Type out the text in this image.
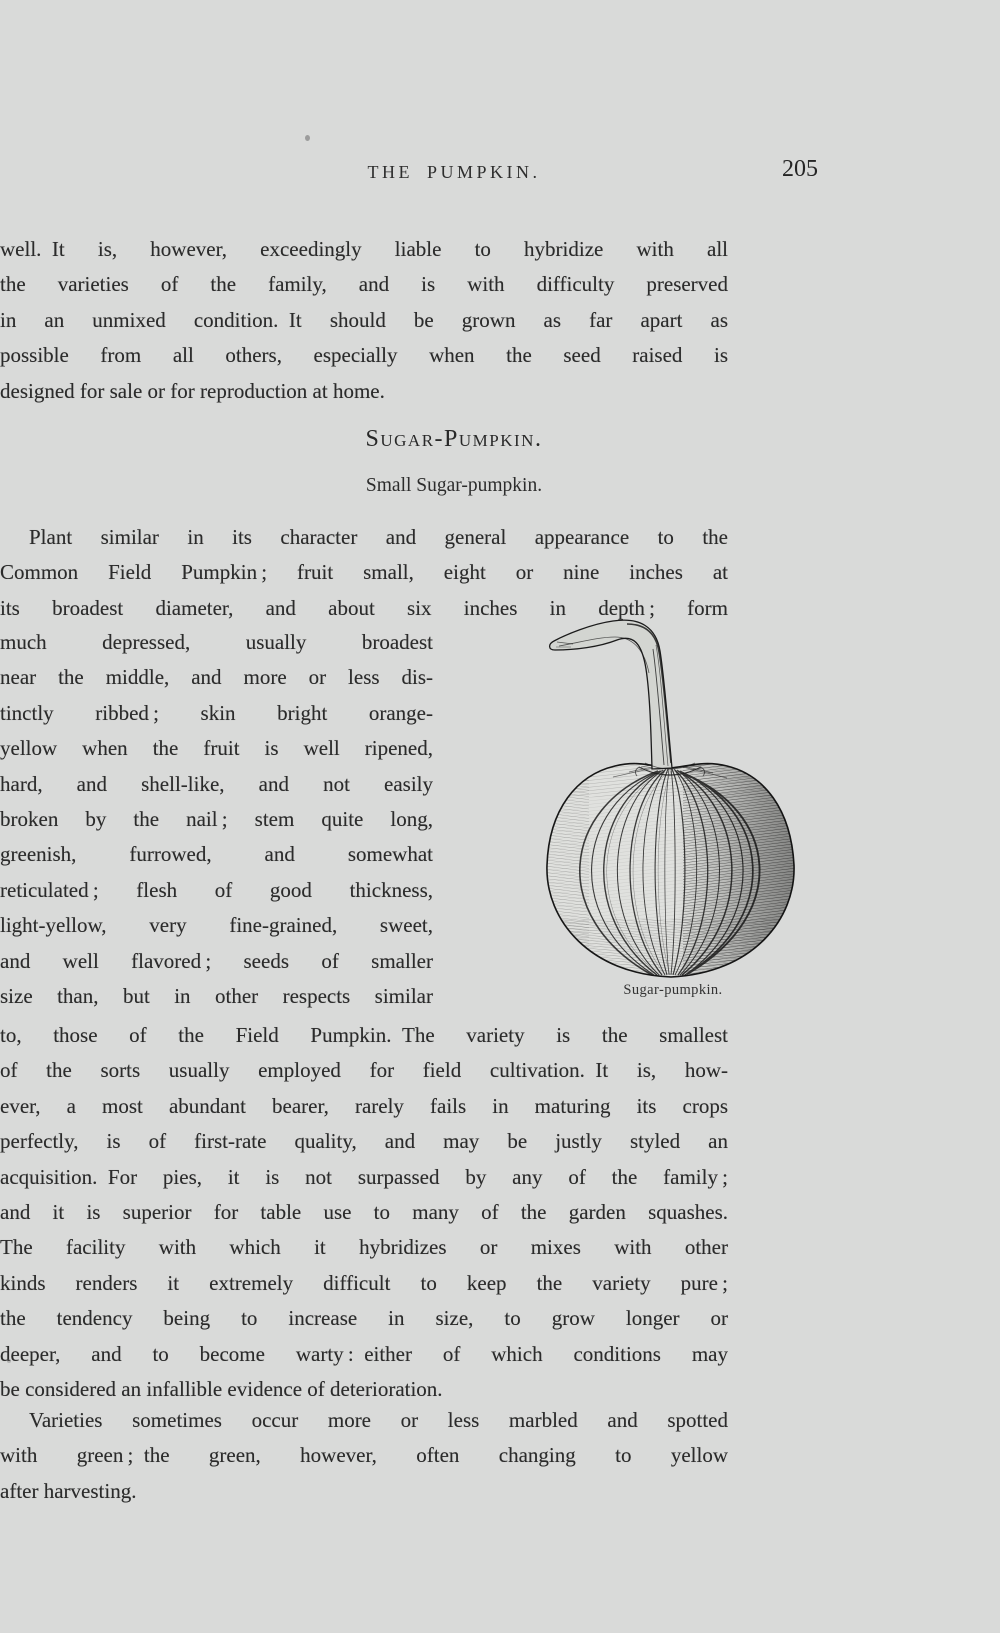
THE PUMPKIN.	205
well. It is, however, exceedingly liable to hybridize with all
the varieties of the family, and is with difficulty preserved
in an unmixed condition. It should be grown as far apart as
possible from all others, especially when the seed raised is
designed for sale or for reproduction at home.
Sugar-Pumpkin.
Small Sugar-pumpkin.
Plant similar in its character and general appearance to the
Common Field Pumpkin ; fruit small, eight or nine inches at
its broadest diameter, and about six inches in depth ; form
much depressed, usually broadest
near the middle, and more or less dis-
tinctly ribbed ; skin bright orange-
yellow when the fruit is well ripened,
hard, and shell-like, and not easily
broken by the nail ; stem quite long,
greenish, furrowed, and somewhat
reticulated ; flesh of good thickness,
light-yellow, very fine-grained, sweet,
and well flavored ; seeds of smaller
size than, but in other respects similar	Sugar-pumpkin.
to, those of the Field Pumpkin. The variety is the smallest
of the sorts usually employed for field cultivation. It is, how-
ever, a most abundant bearer, rarely fails in maturing its crops
perfectly, is of first-rate quality, and may be justly styled an
acquisition. For pies, it is not surpassed by any of the family ;
and it is superior for table use to many of the garden squashes.
The facility with which it hybridizes or mixes with other
kinds renders it extremely difficult to keep the variety pure ;
the tendency being to increase in size, to grow longer or
deeper, and to become warty : either of which conditions may
be considered an infallible evidence of deterioration.
Varieties sometimes occur more or less marbled and spotted
with green ; the green, however, often changing to yellow
after harvesting.
